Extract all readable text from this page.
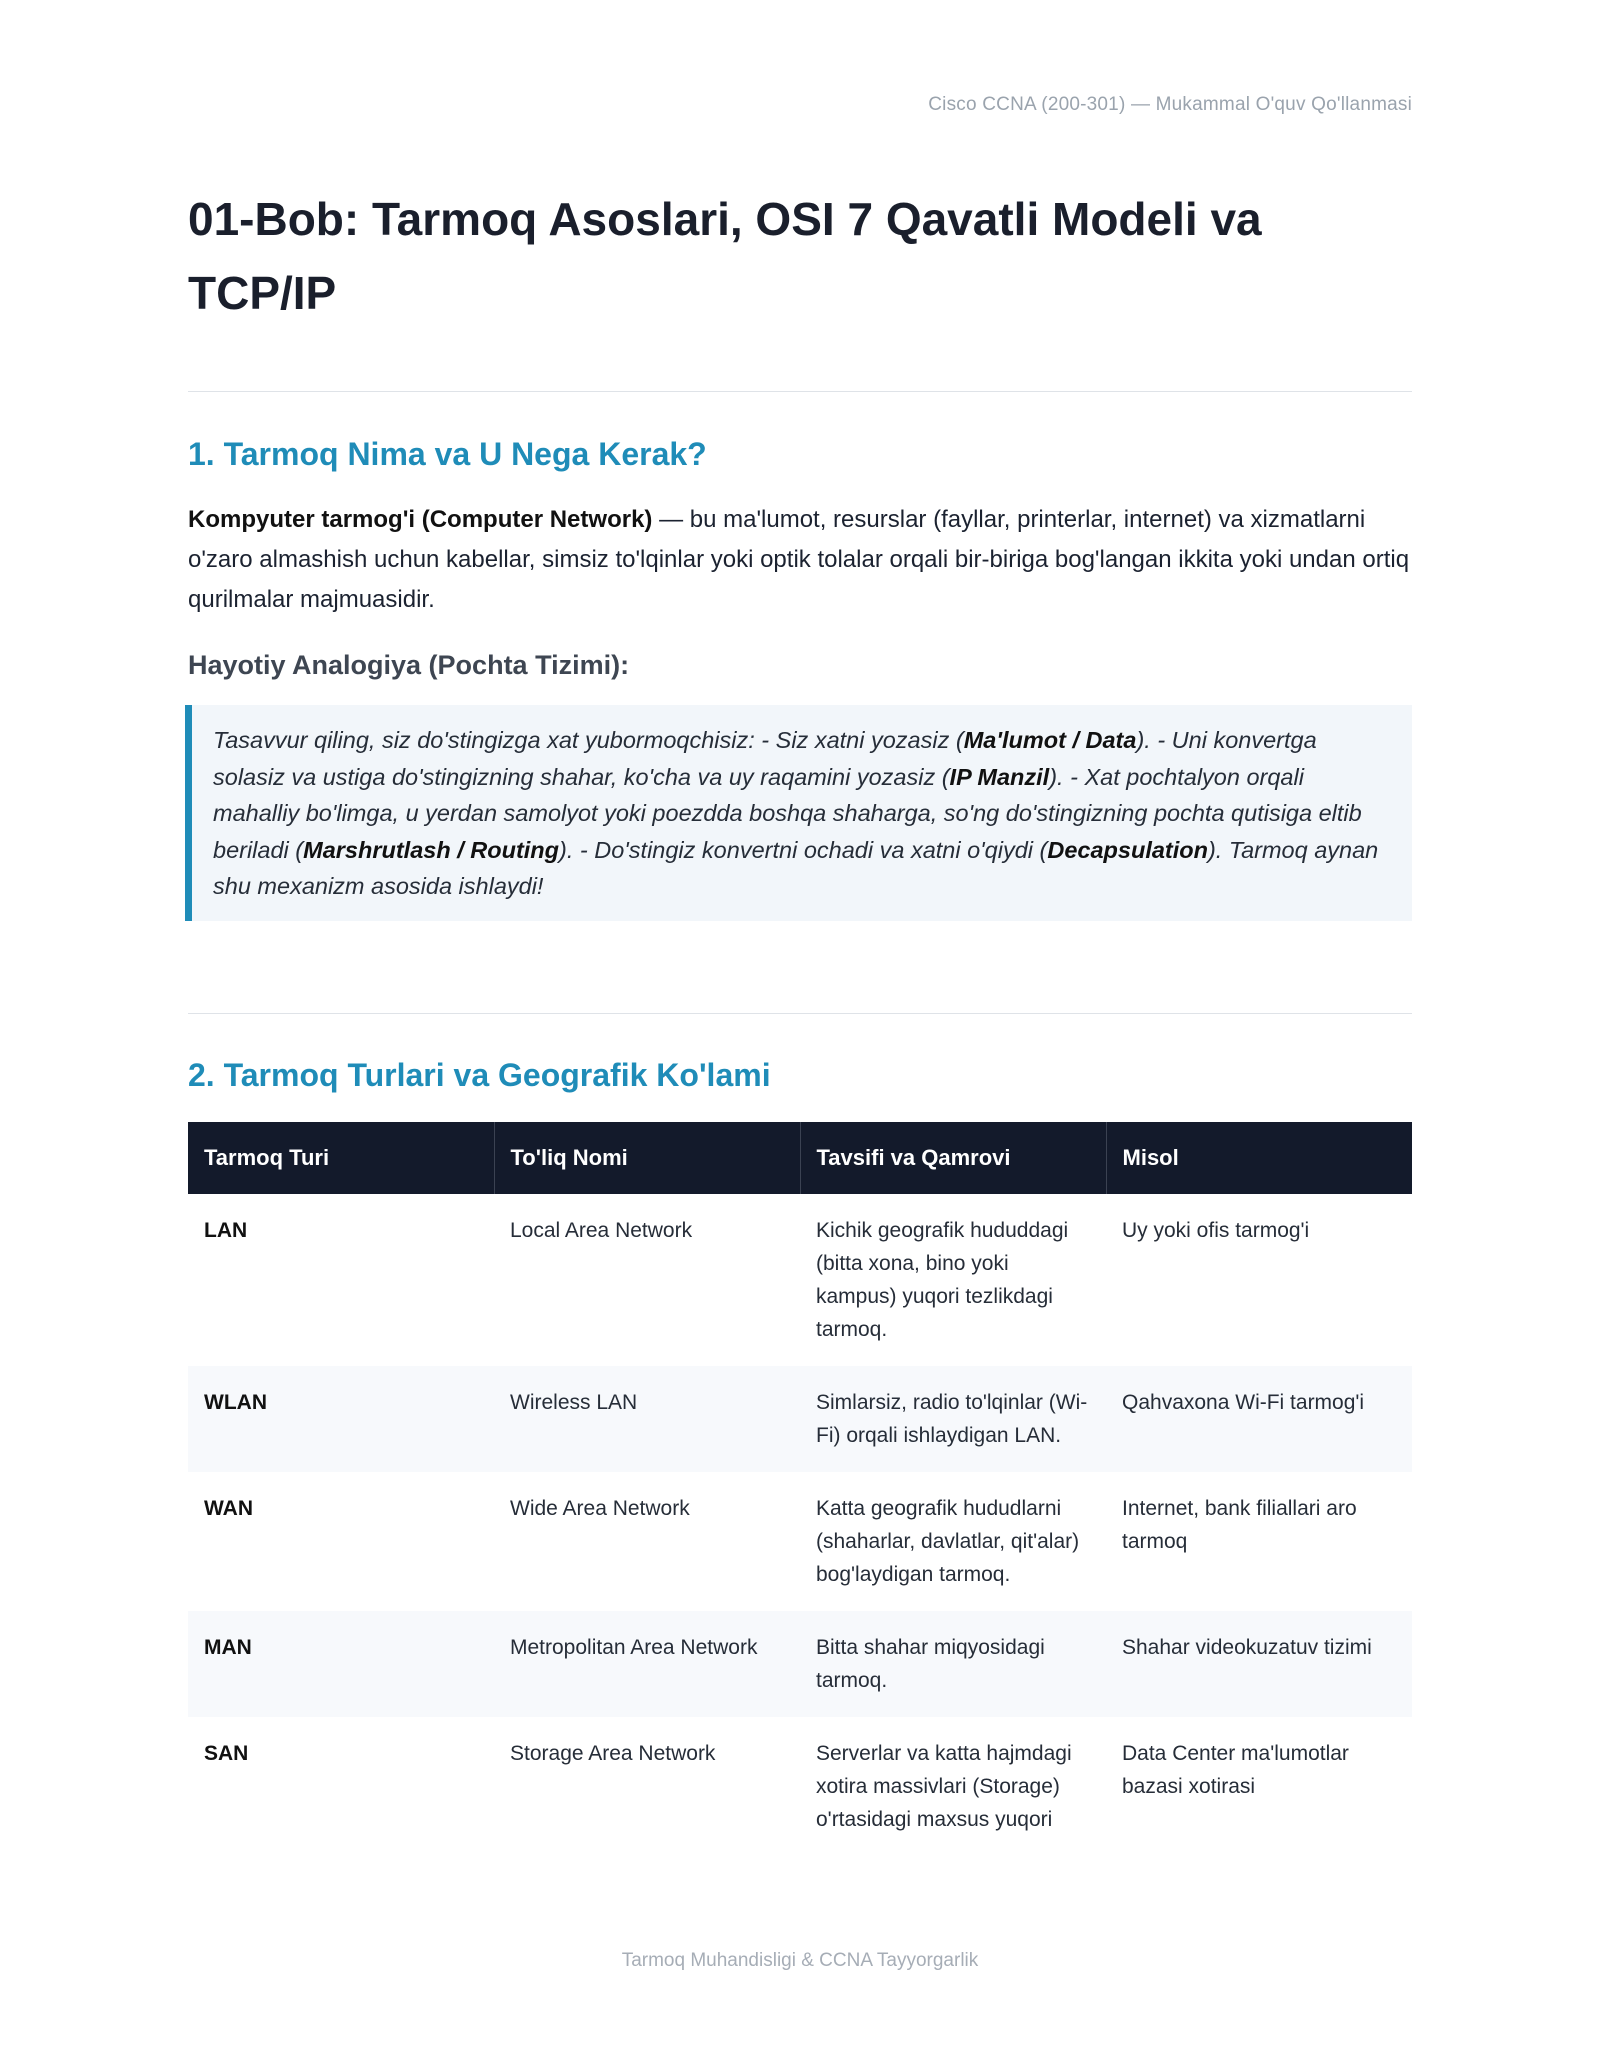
Cisco CCNA (200-301) — Mukammal O'quv Qo'llanmasi
01-Bob: Tarmoq Asoslari, OSI 7 Qavatli Modeli va
TCP/IP
1. Tarmoq Nima va U Nega Kerak?

Kompyuter tarmog'i (Computer Network) — bu ma'lumot, resurslar (fayllar, printerlar, internet) va xizmatlarni o'zaro almashish uchun kabellar, simsiz to'lqinlar yoki optik tolalar orqali bir-biriga bog'langan ikkita yoki undan ortiq qurilmalar majmuasidir.

Hayotiy Analogiya (Pochta Tizimi):

Tasavvur qiling, siz do'stingizga xat yubormoqchisiz: - Siz xatni yozasiz (Ma'lumot / Data). - Uni konvertga solasiz va ustiga do'stingizning shahar, ko'cha va uy raqamini yozasiz (IP Manzil). - Xat pochtalyon orqali mahalliy bo'limga, u yerdan samolyot yoki poezdda boshqa shaharga, so'ng do'stingizning pochta qutisiga eltib beriladi (Marshrutlash / Routing). - Do'stingiz konvertni ochadi va xatni o'qiydi (Decapsulation). Tarmoq aynan shu mexanizm asosida ishlaydi!

2. Tarmoq Turlari va Geografik Ko'lami
Tarmoq Turi	To'liq Nomi	Tavsifi va Qamrovi	Misol
LAN	Local Area Network	Kichik geografik hududdagi (bitta xona, bino yoki kampus) yuqori tezlikdagi tarmoq.	Uy yoki ofis tarmog'i
WLAN	Wireless LAN	Simlarsiz, radio to'lqinlar (Wi-Fi) orqali ishlaydigan LAN.	Qahvaxona Wi-Fi tarmog'i
WAN	Wide Area Network	Katta geografik hududlarni (shaharlar, davlatlar, qit'alar) bog'laydigan tarmoq.	Internet, bank filiallari aro tarmoq
MAN	Metropolitan Area Network	Bitta shahar miqyosidagi tarmoq.	Shahar videokuzatuv tizimi
SAN	Storage Area Network	Serverlar va katta hajmdagi xotira massivlari (Storage) o'rtasidagi maxsus yuqori	Data Center ma'lumotlar bazasi xotirasi
Tarmoq Muhandisligi & CCNA Tayyorgarlik
